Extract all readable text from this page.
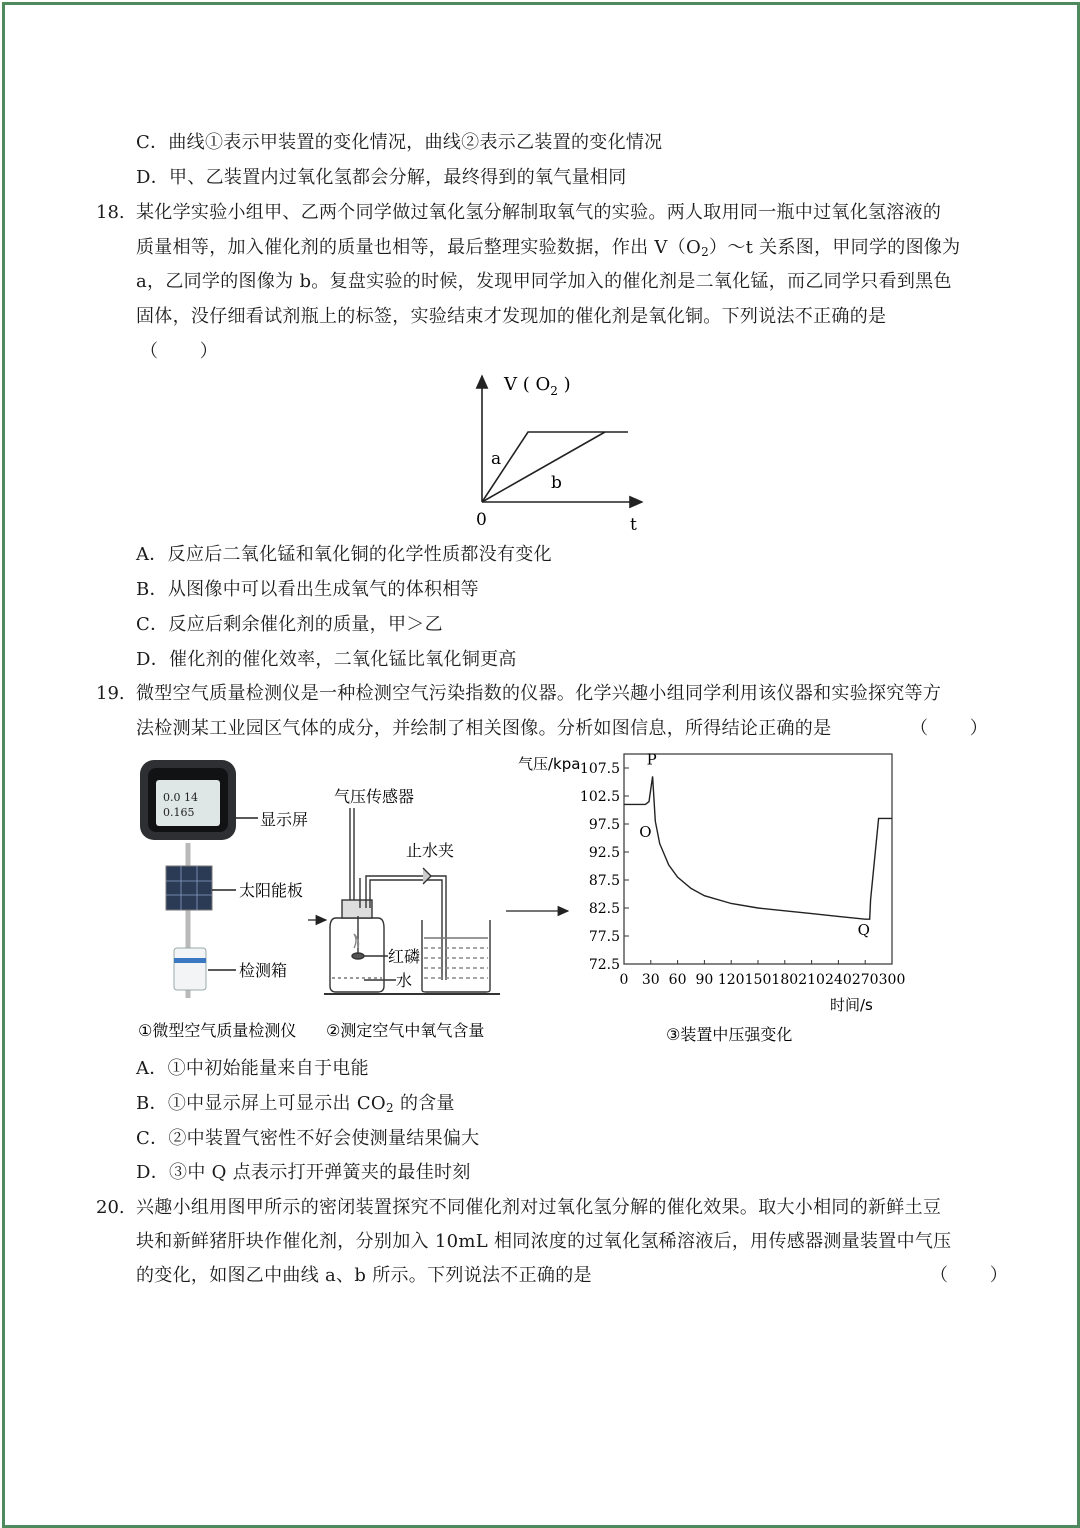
C．曲线①表示甲装置的变化情况，曲线②表示乙装置的变化情况
D．甲、乙装置内过氧化氢都会分解，最终得到的氧气量相同
18. 某化学实验小组甲、乙两个同学做过氧化氢分解制取氧气的实验。两人取用同一瓶中过氧化氢溶液的
质量相等，加入催化剂的质量也相等，最后整理实验数据，作出 $V(O_2)\sim t$ 关系图，甲同学的图像为
a，乙同学的图像为 b。复盘实验的时候，发现甲同学加入的催化剂是二氧化锰，而乙同学只看到黑色
固体，没仔细看试剂瓶上的标签，实验结束才发现加的催化剂是氧化铜。下列说法不正确的是
（ ）
V ( $O_2$ )
0	t
a
b
A．反应后二氧化锰和氧化铜的化学性质都没有变化
B．从图像中可以看出生成氧气的体积相等
C．反应后剩余催化剂的质量，甲＞乙
D．催化剂的催化效率，二氧化锰比氧化铜更高
19. 微型空气质量检测仪是一种检测空气污染指数的仪器。化学兴趣小组同学利用该仪器和实验探究等方
法检测某工业园区气体的成分，并绘制了相关图像。分析如图信息，所得结论正确的是	（ ）
0.0 14
0.165	显示屏
太阳能板
检测箱
①微型空气质量检测仪
气压传感器
止水夹
红磷
水
②测定空气中氧气含量
72.5
77.5
82.5
87.5
92.5
97.5
102.5
107.5
0 30 60 90 120 150 180 210 240 270 300
P
O
Q
气压/kpa
时间/s
③装置中压强变化
A．①中初始能量来自于电能
B．①中显示屏上可显示出 $CO_2$ 的含量
C．②中装置气密性不好会使测量结果偏大
D．③中 Q 点表示打开弹簧夹的最佳时刻
20. 兴趣小组用图甲所示的密闭装置探究不同催化剂对过氧化氢分解的催化效果。取大小相同的新鲜土豆
块和新鲜猪肝块作催化剂，分别加入 10mL 相同浓度的过氧化氢稀溶液后，用传感器测量装置中气压
的变化，如图乙中曲线 a、b 所示。下列说法不正确的是	（ ）
